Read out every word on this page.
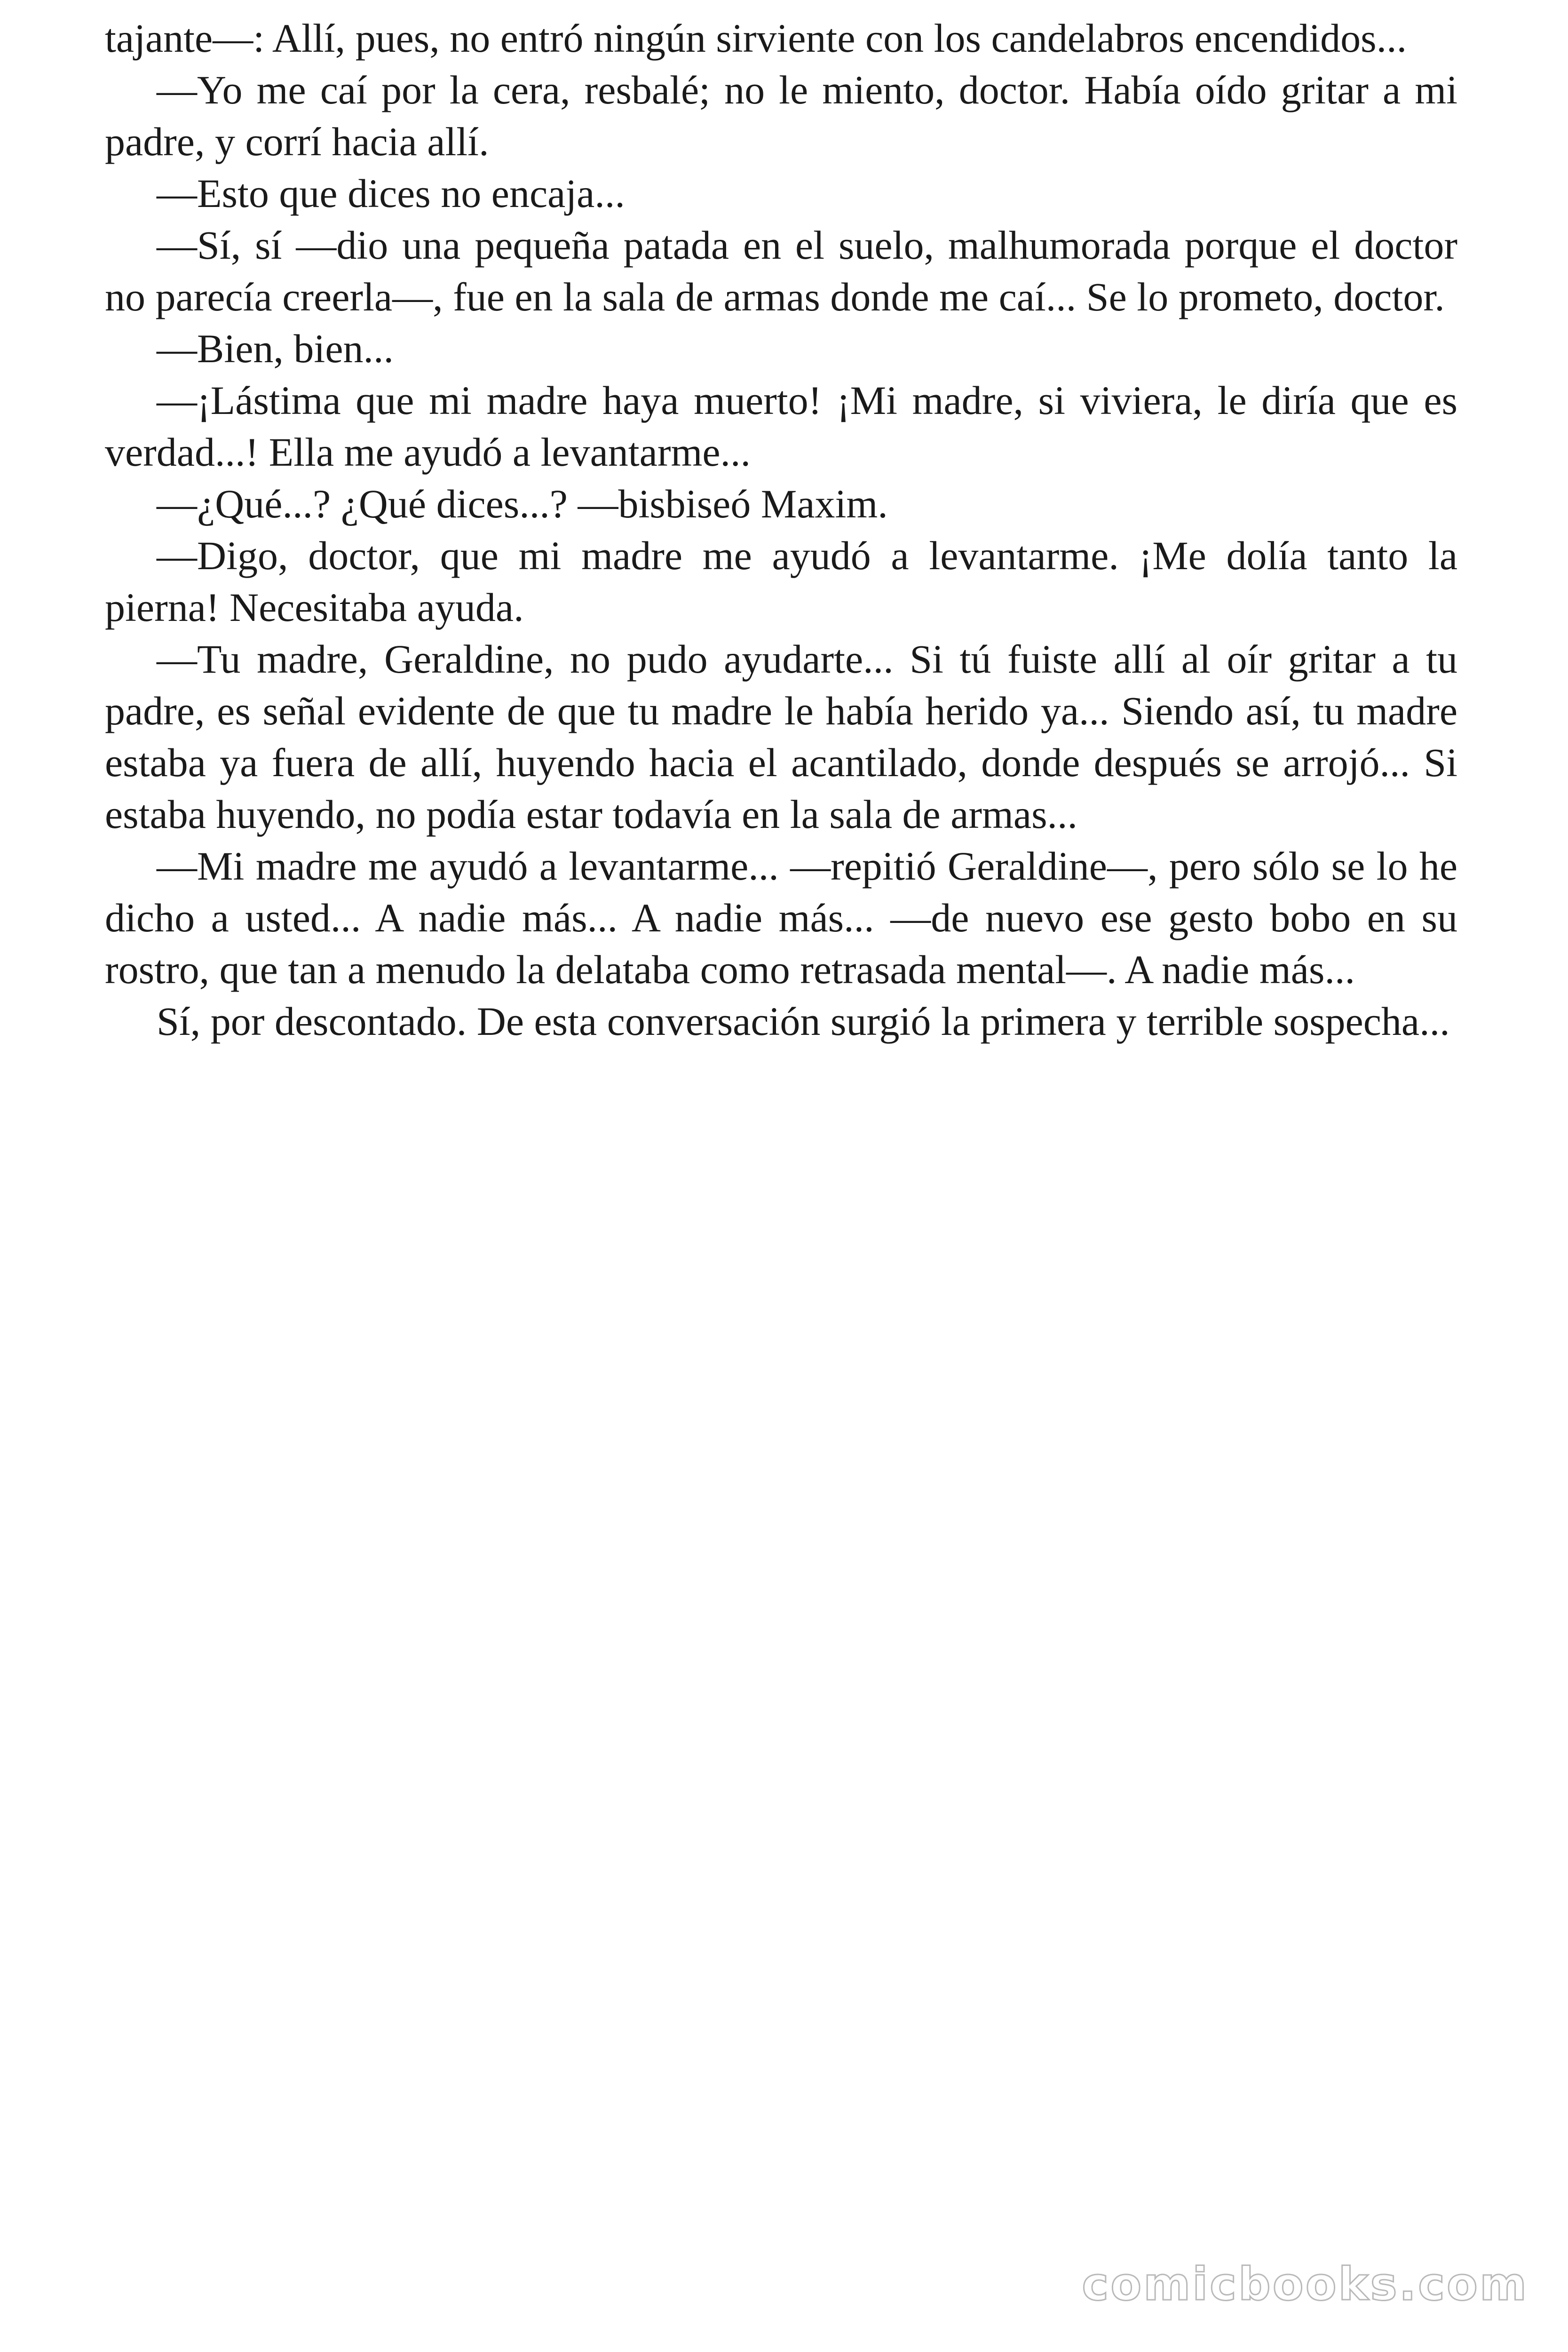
tajante—: Allí, pues, no entró ningún sirviente con los candelabros encendidos...

—Yo me caí por la cera, resbalé; no le miento, doctor. Había oído gritar a mi padre, y corrí hacia allí.

—Esto que dices no encaja...

—Sí, sí —dio una pequeña patada en el suelo, malhumorada porque el doctor no parecía creerla—, fue en la sala de armas donde me caí... Se lo prometo, doctor.

—Bien, bien...

—¡Lástima que mi madre haya muerto! ¡Mi madre, si viviera, le diría que es verdad...! Ella me ayudó a levantarme...

—¿Qué...? ¿Qué dices...? —bisbiseó Maxim.

—Digo, doctor, que mi madre me ayudó a levantarme. ¡Me dolía tanto la pierna! Necesitaba ayuda.

—Tu madre, Geraldine, no pudo ayudarte... Si tú fuiste allí al oír gritar a tu padre, es señal evidente de que tu madre le había herido ya... Siendo así, tu madre estaba ya fuera de allí, huyendo hacia el acantilado, donde después se arrojó... Si estaba huyendo, no podía estar todavía en la sala de armas...

—Mi madre me ayudó a levantarme... —repitió Geraldine—, pero sólo se lo he dicho a usted... A nadie más... A nadie más... —de nuevo ese gesto bobo en su rostro, que tan a menudo la delataba como retrasada mental—. A nadie más...

Sí, por descontado. De esta conversación surgió la primera y terrible sospecha...

comicbooks.com
